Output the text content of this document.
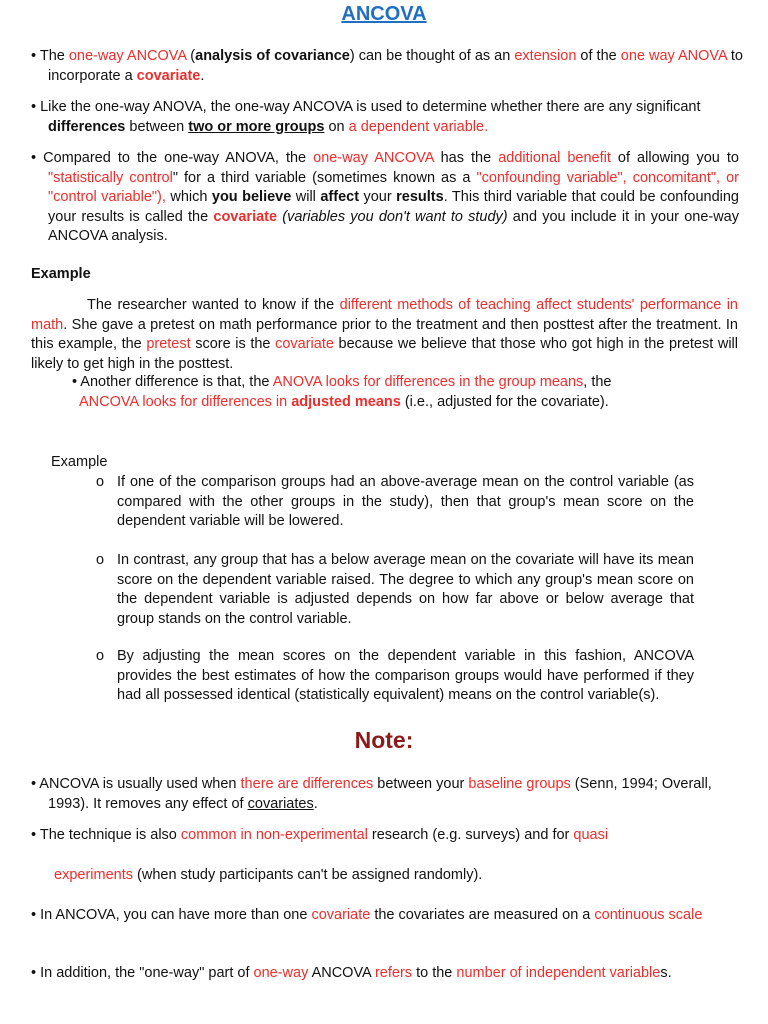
ANCOVA
• The one-way ANCOVA (analysis of covariance) can be thought of as an extension of the one way ANOVA to incorporate a covariate.
• Like the one-way ANOVA, the one-way ANCOVA is used to determine whether there are any significant differences between two or more groups on a dependent variable.
• Compared to the one-way ANOVA, the one-way ANCOVA has the additional benefit of allowing you to "statistically control" for a third variable (sometimes known as a "confounding variable", concomitant", or "control variable"), which you believe will affect your results. This third variable that could be confounding your results is called the covariate (variables you don't want to study) and you include it in your one-way ANCOVA analysis.
Example
The researcher wanted to know if the different methods of teaching affect students' performance in math. She gave a pretest on math performance prior to the treatment and then posttest after the treatment. In this example, the pretest score is the covariate because we believe that those who got high in the pretest will likely to get high in the posttest.
• Another difference is that, the ANOVA looks for differences in the group means, the
ANCOVA looks for differences in adjusted means (i.e., adjusted for the covariate).
Example
o If one of the comparison groups had an above-average mean on the control variable (as compared with the other groups in the study), then that group's mean score on the dependent variable will be lowered.
o In contrast, any group that has a below average mean on the covariate will have its mean score on the dependent variable raised. The degree to which any group's mean score on the dependent variable is adjusted depends on how far above or below average that group stands on the control variable.
o By adjusting the mean scores on the dependent variable in this fashion, ANCOVA provides the best estimates of how the comparison groups would have performed if they had all possessed identical (statistically equivalent) means on the control variable(s).
Note:
• ANCOVA is usually used when there are differences between your baseline groups (Senn, 1994; Overall, 1993). It removes any effect of covariates.
• The technique is also common in non-experimental research (e.g. surveys) and for quasi
experiments (when study participants can't be assigned randomly).
• In ANCOVA, you can have more than one covariate the covariates are measured on a continuous scale
• In addition, the "one-way" part of one-way ANCOVA refers to the number of independent variables.
